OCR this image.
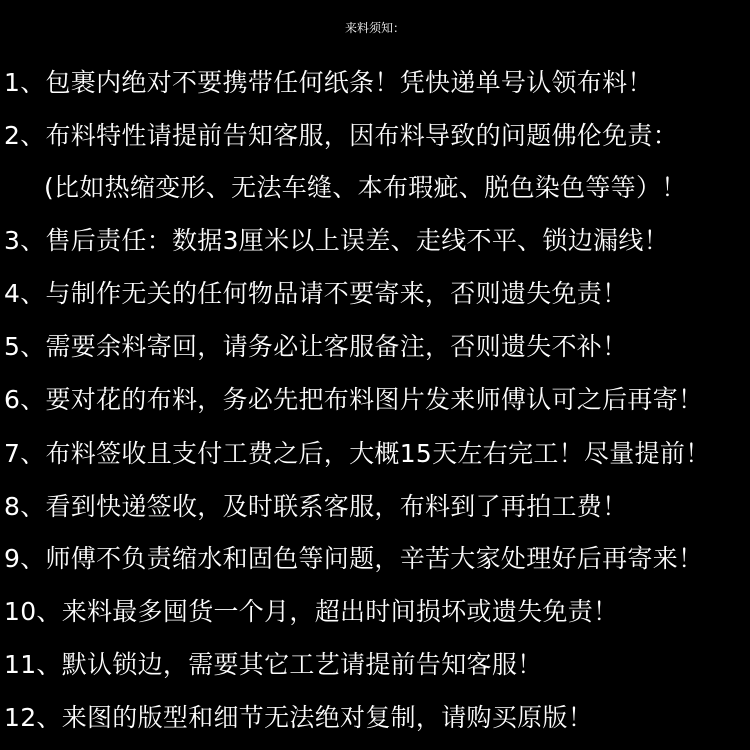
来料须知：
1、包裹内绝对不要携带任何纸条！凭快递单号认领布料！
2、布料特性请提前告知客服，因布料导致的问题佛伦免责：
(比如热缩变形、无法车缝、本布瑕疵、脱色染色等等）！
3、售后责任：数据3厘米以上误差、走线不平、锁边漏线！
4、与制作无关的任何物品请不要寄来，否则遗失免责！
5、需要余料寄回，请务必让客服备注，否则遗失不补！
6、要对花的布料，务必先把布料图片发来师傅认可之后再寄！
7、布料签收且支付工费之后，大概15天左右完工！尽量提前！
8、看到快递签收，及时联系客服，布料到了再拍工费！
9、师傅不负责缩水和固色等问题，辛苦大家处理好后再寄来！
10、来料最多囤货一个月，超出时间损坏或遗失免责！
11、默认锁边，需要其它工艺请提前告知客服！
12、来图的版型和细节无法绝对复制，请购买原版！
